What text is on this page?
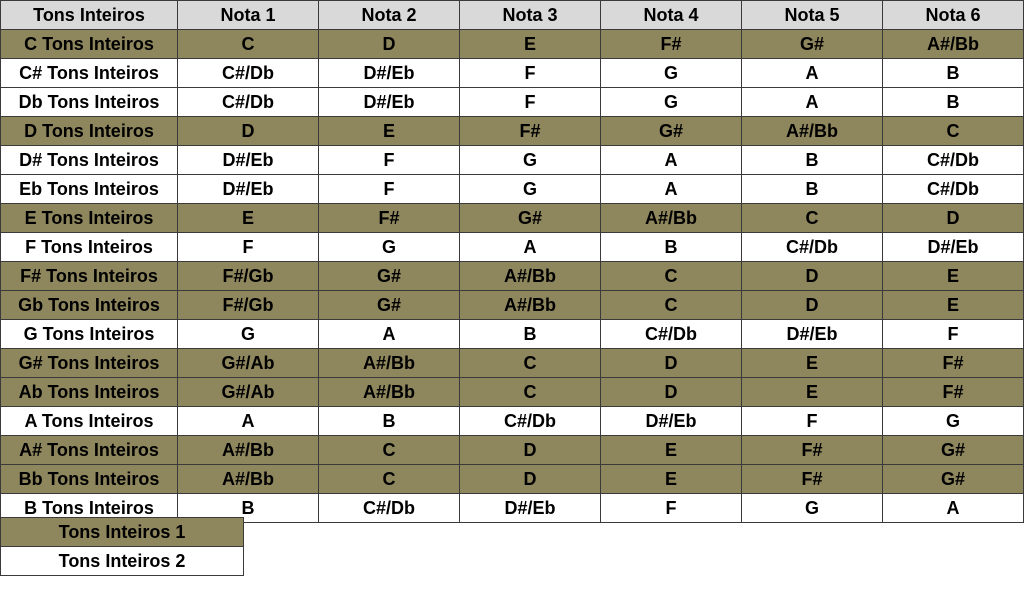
Tons Inteiros	Nota 1	Nota 2	Nota 3	Nota 4	Nota 5	Nota 6
C Tons Inteiros	C	D	E	F#	G#	A#/Bb
C# Tons Inteiros	C#/Db	D#/Eb	F	G	A	B
Db Tons Inteiros	C#/Db	D#/Eb	F	G	A	B
D Tons Inteiros	D	E	F#	G#	A#/Bb	C
D# Tons Inteiros	D#/Eb	F	G	A	B	C#/Db
Eb Tons Inteiros	D#/Eb	F	G	A	B	C#/Db
E Tons Inteiros	E	F#	G#	A#/Bb	C	D
F Tons Inteiros	F	G	A	B	C#/Db	D#/Eb
F# Tons Inteiros	F#/Gb	G#	A#/Bb	C	D	E
Gb Tons Inteiros	F#/Gb	G#	A#/Bb	C	D	E
G Tons Inteiros	G	A	B	C#/Db	D#/Eb	F
G# Tons Inteiros	G#/Ab	A#/Bb	C	D	E	F#
Ab Tons Inteiros	G#/Ab	A#/Bb	C	D	E	F#
A Tons Inteiros	A	B	C#/Db	D#/Eb	F	G
A# Tons Inteiros	A#/Bb	C	D	E	F#	G#
Bb Tons Inteiros	A#/Bb	C	D	E	F#	G#
B Tons Inteiros	B	C#/Db	D#/Eb	F	G	A
Tons Inteiros 1
Tons Inteiros 2
